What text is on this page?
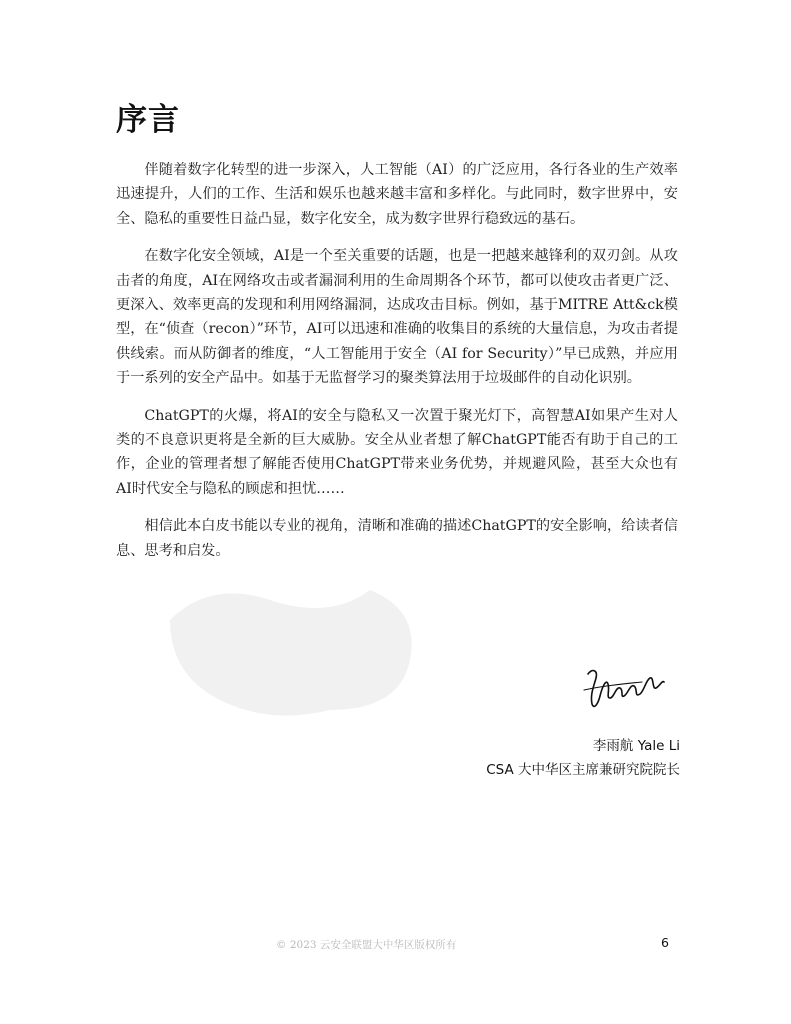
序言

伴随着数字化转型的进一步深入，人工智能（AI）的广泛应用，各行各业的生产效率迅速提升，人们的工作、生活和娱乐也越来越丰富和多样化。与此同时，数字世界中，安全、隐私的重要性日益凸显，数字化安全，成为数字世界行稳致远的基石。

在数字化安全领域，AI是一个至关重要的话题，也是一把越来越锋利的双刃剑。从攻击者的角度，AI在网络攻击或者漏洞利用的生命周期各个环节，都可以使攻击者更广泛、更深入、效率更高的发现和利用网络漏洞，达成攻击目标。例如，基于MITRE Att&ck模型，在“侦查（recon）”环节，AI可以迅速和准确的收集目的系统的大量信息，为攻击者提供线索。而从防御者的维度，“人工智能用于安全（AI for Security）”早已成熟，并应用于一系列的安全产品中。如基于无监督学习的聚类算法用于垃圾邮件的自动化识别。

ChatGPT的火爆，将AI的安全与隐私又一次置于聚光灯下，高智慧AI如果产生对人类的不良意识更将是全新的巨大威胁。安全从业者想了解ChatGPT能否有助于自己的工作，企业的管理者想了解能否使用ChatGPT带来业务优势，并规避风险，甚至大众也有AI时代安全与隐私的顾虑和担忧……

相信此本白皮书能以专业的视角，清晰和准确的描述ChatGPT的安全影响，给读者信息、思考和启发。

李雨航 Yale Li
CSA 大中华区主席兼研究院院长
© 2023 云安全联盟大中华区版权所有	6
